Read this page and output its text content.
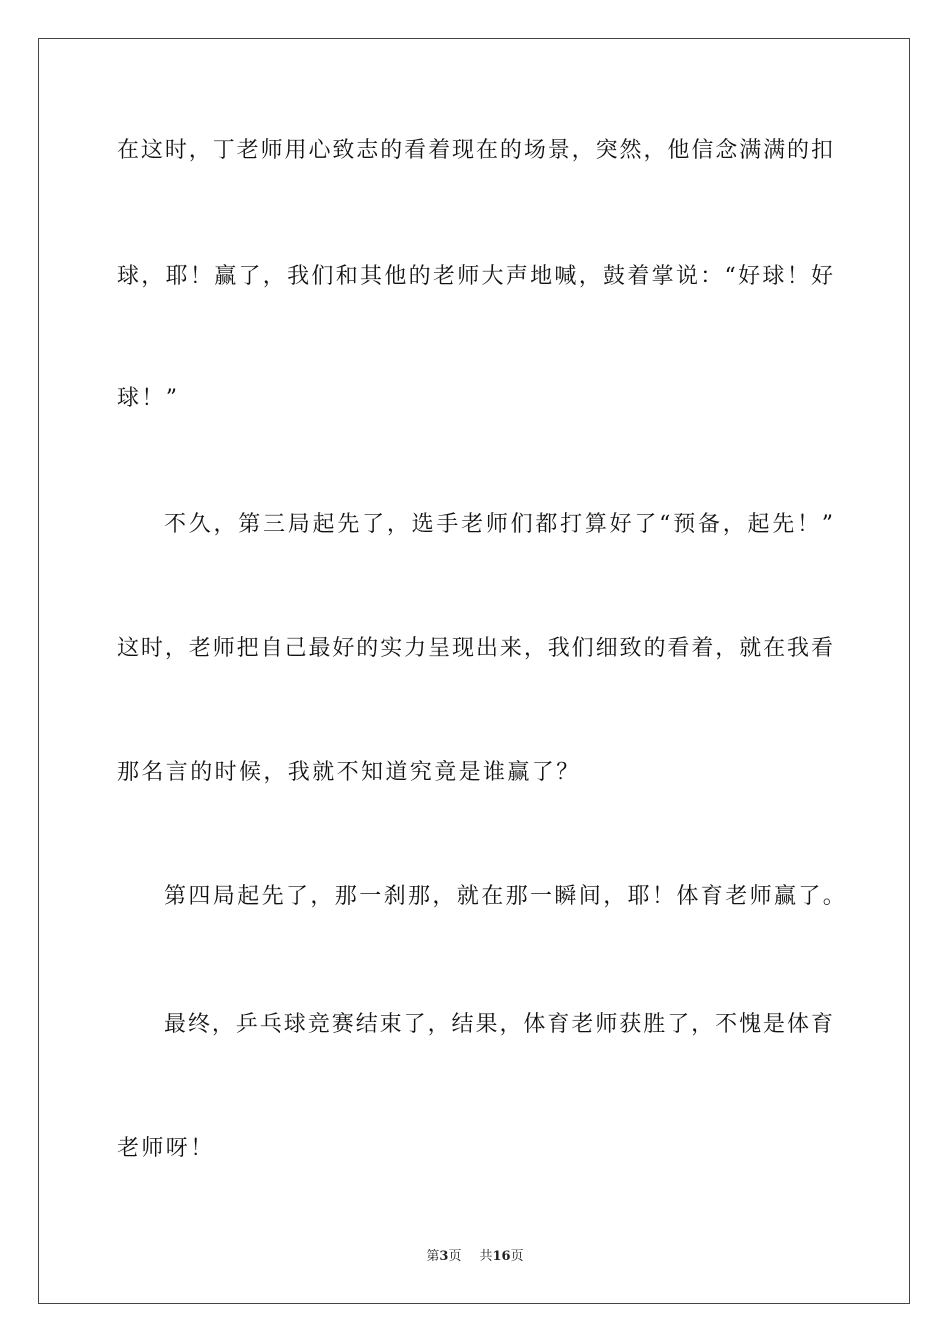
在这时，丁老师用心致志的看着现在的场景，突然，他信念满满的扣
球，耶！赢了，我们和其他的老师大声地喊，鼓着掌说：“好球！好
球！”
不久，第三局起先了，选手老师们都打算好了“预备，起先！”
这时，老师把自己最好的实力呈现出来，我们细致的看着，就在我看
那名言的时候，我就不知道究竟是谁赢了？
第四局起先了，那一刹那，就在那一瞬间，耶！体育老师赢了。
最终，乒乓球竞赛结束了，结果，体育老师获胜了，不愧是体育
老师呀！
第3页 共16页
